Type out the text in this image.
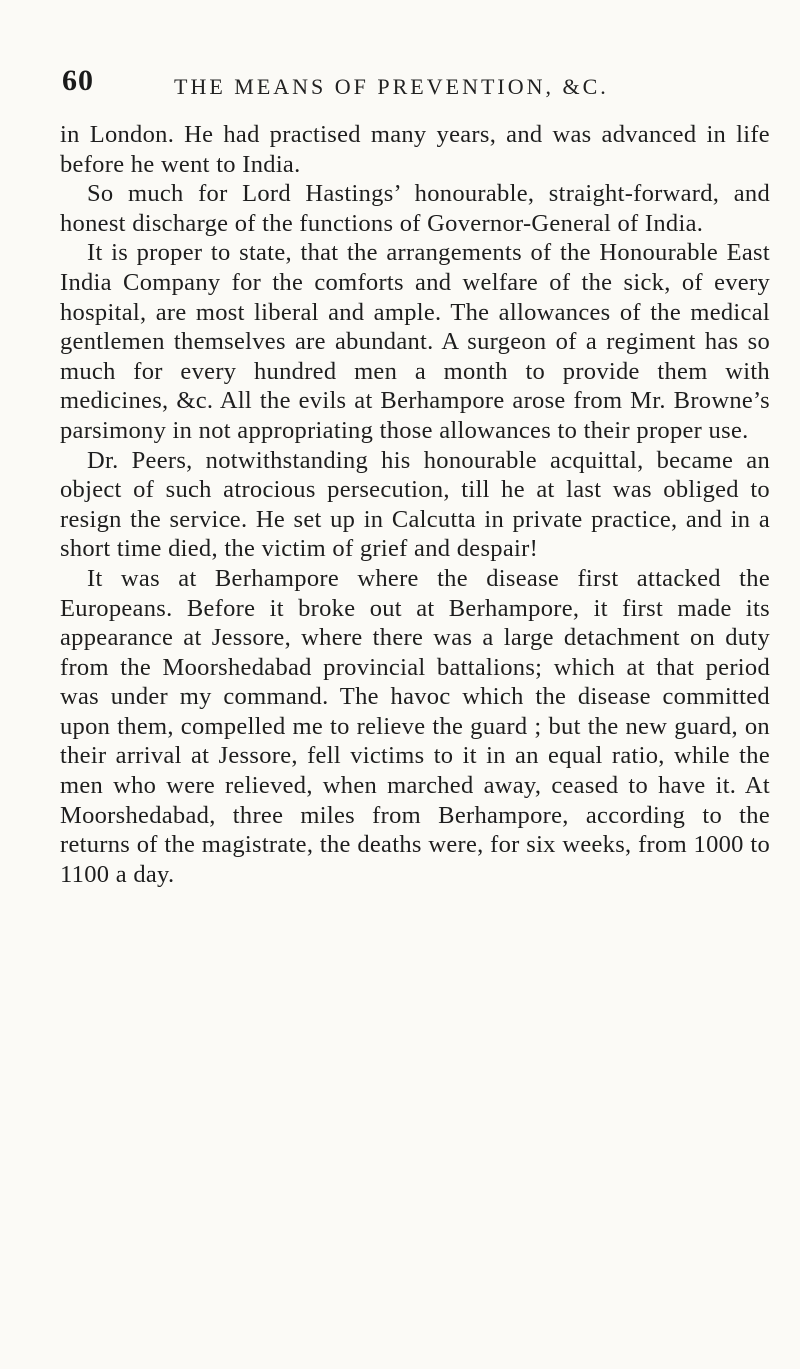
60	THE MEANS OF PREVENTION, &C.

in London. He had practised many years, and was advanced in life before he went to India.

So much for Lord Hastings’ honourable, straight-forward, and honest discharge of the functions of Governor-General of India.

It is proper to state, that the arrangements of the Honourable East India Company for the comforts and welfare of the sick, of every hospital, are most liberal and ample. The allowances of the medical gentlemen themselves are abundant. A surgeon of a regiment has so much for every hundred men a month to provide them with medicines, &c. All the evils at Berhampore arose from Mr. Browne’s parsimony in not appropriating those allowances to their proper use.

Dr. Peers, notwithstanding his honourable acquittal, became an object of such atrocious persecution, till he at last was obliged to resign the service. He set up in Calcutta in private practice, and in a short time died, the victim of grief and despair!

It was at Berhampore where the disease first attacked the Europeans. Before it broke out at Berhampore, it first made its appearance at Jessore, where there was a large detachment on duty from the Moorshedabad provincial battalions; which at that period was under my command. The havoc which the disease committed upon them, compelled me to relieve the guard ; but the new guard, on their arrival at Jessore, fell victims to it in an equal ratio, while the men who were relieved, when marched away, ceased to have it. At Moorshedabad, three miles from Berhampore, according to the returns of the magistrate, the deaths were, for six weeks, from 1000 to 1100 a day.
